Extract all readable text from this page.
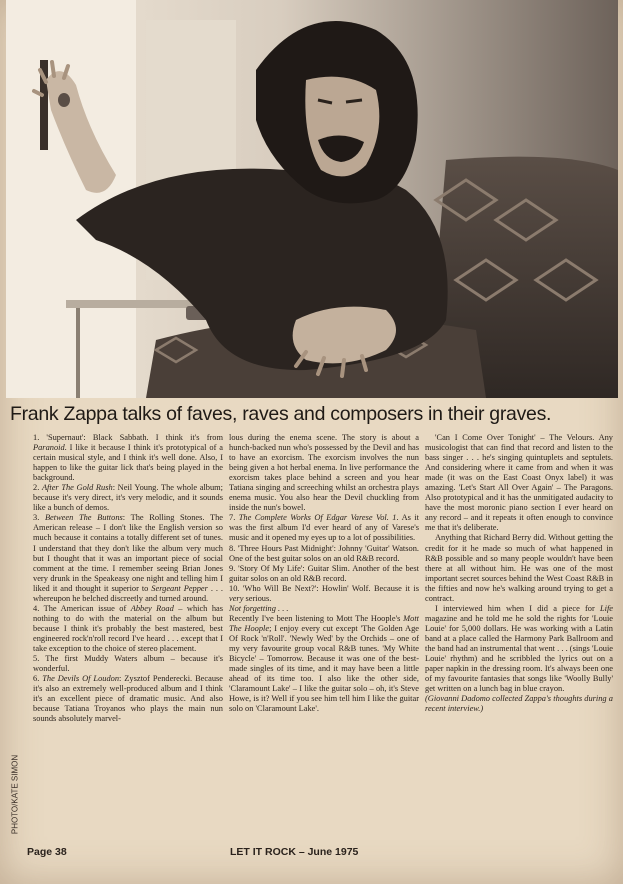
Frank Zappa talks of faves, raves and composers in their graves.

1. 'Supernaut': Black Sabbath. I think it's from Paranoid. I like it because I think it's prototypical of a certain musical style, and I think it's well done. Also, I happen to like the guitar lick that's being played in the background.

2. After The Gold Rush: Neil Young. The whole album; because it's very direct, it's very melodic, and it sounds like a bunch of demos.

3. Between The Buttons: The Rolling Stones. The American release – I don't like the English version so much because it contains a totally different set of tunes. I understand that they don't like the album very much but I thought that it was an important piece of social comment at the time. I remember seeing Brian Jones very drunk in the Speakeasy one night and telling him I liked it and thought it superior to Sergeant Pepper . . . whereupon he belched discreetly and turned around.

4. The American issue of Abbey Road – which has nothing to do with the material on the album but because I think it's probably the best mastered, best engineered rock'n'roll record I've heard . . . except that I take exception to the choice of stereo placement.

5. The first Muddy Waters album – because it's wonderful.

6. The Devils Of Loudon: Zysztof Penderecki. Because it's also an extremely well-produced album and I think it's an excellent piece of dramatic music. And also because Tatiana Troyanos who plays the main nun sounds absolutely marvel-

lous during the enema scene. The story is about a hunch-backed nun who's possessed by the Devil and has to have an exorcism. The exorcism involves the nun being given a hot herbal enema. In live performance the exorcism takes place behind a screen and you hear Tatiana singing and screeching whilst an orchestra plays enema music. You also hear the Devil chuckling from inside the nun's bowel.

7. The Complete Works Of Edgar Varese Vol. 1. As it was the first album I'd ever heard of any of Varese's music and it opened my eyes up to a lot of possibilities.

8. 'Three Hours Past Midnight': Johnny 'Guitar' Watson. One of the best guitar solos on an old R&B record.

9. 'Story Of My Life': Guitar Slim. Another of the best guitar solos on an old R&B record.

10. 'Who Will Be Next?': Howlin' Wolf. Because it is very serious.

Not forgetting . . .

Recently I've been listening to Mott The Hoople's Mott The Hoople; I enjoy every cut except 'The Golden Age Of Rock 'n'Roll'. 'Newly Wed' by the Orchids – one of my very favourite group vocal R&B tunes. 'My White Bicycle' – Tomorrow. Because it was one of the best-made singles of its time, and it may have been a little ahead of its time too. I also like the other side, 'Claramount Lake' – I like the guitar solo – oh, it's Steve Howe, is it? Well if you see him tell him I like the guitar solo on 'Claramount Lake'.

'Can I Come Over Tonight' – The Velours. Any musicologist that can find that record and listen to the bass singer . . . he's singing quintuplets and septulets. And considering where it came from and when it was made (it was on the East Coast Onyx label) it was amazing. 'Let's Start All Over Again' – The Paragons. Also prototypical and it has the unmitigated audacity to have the most moronic piano section I ever heard on any record – and it repeats it often enough to convince me that it's deliberate.

Anything that Richard Berry did. Without getting the credit for it he made so much of what happened in R&B possible and so many people wouldn't have been there at all without him. He was one of the most important secret sources behind the West Coast R&B in the fifties and now he's walking around trying to get a contract.

I interviewed him when I did a piece for Life magazine and he told me he sold the rights for 'Louie Louie' for 5,000 dollars. He was working with a Latin band at a place called the Harmony Park Ballroom and the band had an instrumental that went . . . (sings 'Louie Louie' rhythm) and he scribbled the lyrics out on a paper napkin in the dressing room. It's always been one of my favourite fantasies that songs like 'Woolly Bully' get written on a lunch bag in blue crayon.

(Giovanni Dadomo collected Zappa's thoughts during a recent interview.)

PHOTO/KATE SIMON
Page 38	LET IT ROCK – June 1975
